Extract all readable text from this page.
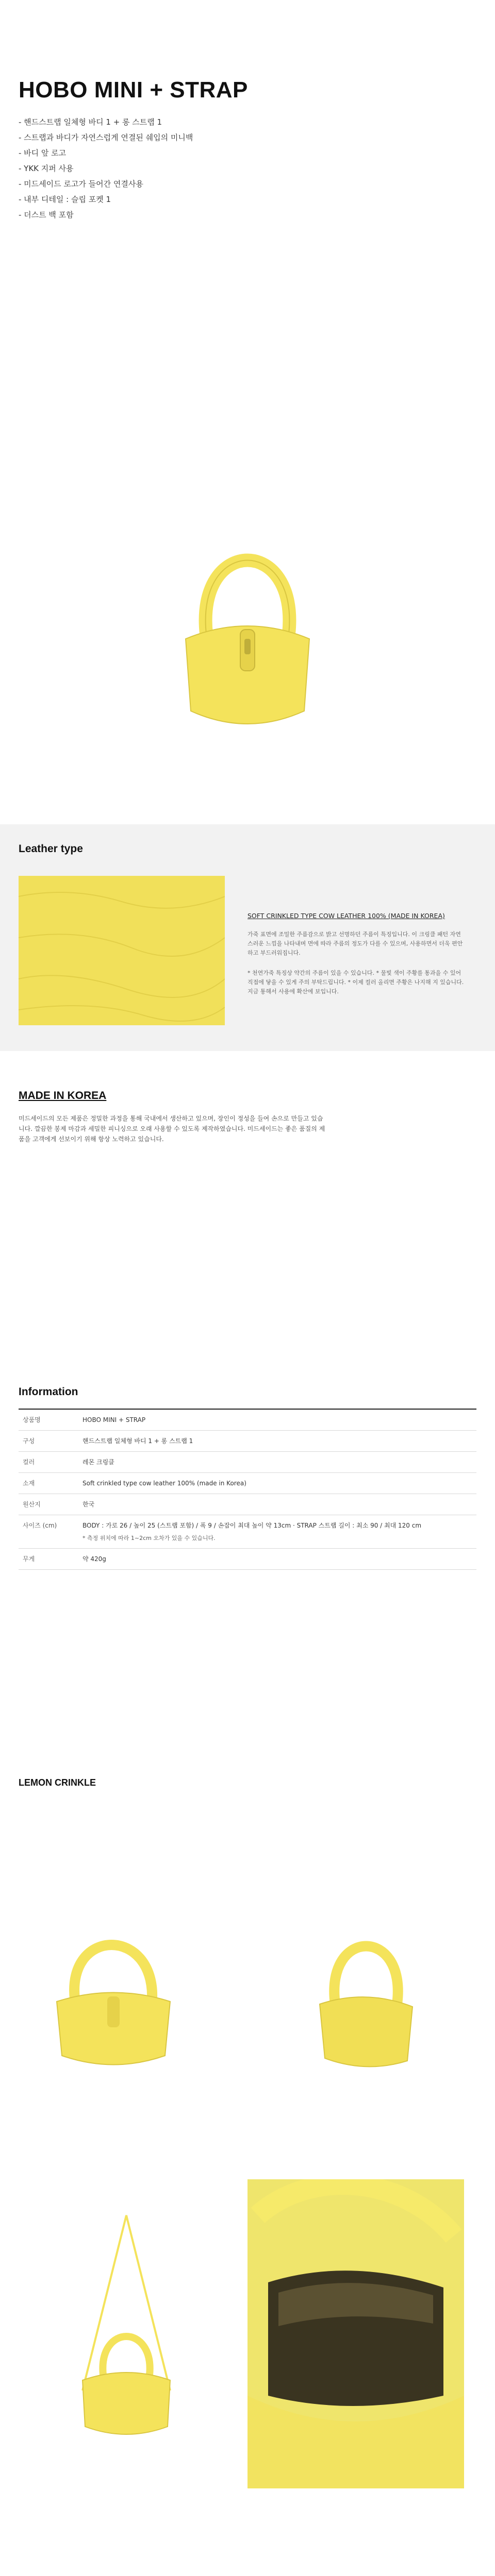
HOBO MINI + STRAP
- 핸드스트랩 일체형 바디 1 + 롱 스트랩 1
- 스트랩과 바디가 자연스럽게 연결된 쉐입의 미니백
- 바디 앞 로고
- YKK 지퍼 사용
- 미드세이드 로고가 들어간 연결사용
- 내부 디테일 : 슬립 포켓 1
- 더스트 백 포함
Leather type
SOFT CRINKLED TYPE COW LEATHER 100% (MADE IN KOREA)
가죽 표면에 조밀한 주름감으로 밝고 선명하던 주름이 특징입니다. 이 크링클 패턴 자연스러운 느낌을 나타내며 면에 따라 주름의 정도가 다를 수 있으며, 사용하면서 더욱 편안하고 부드러워집니다.
* 천연가죽 특징상 약간의 주름이 있을 수 있습니다. * 물빛 색이 주황를 통과을 수 있어 직접에 닿을 수 있게 주의 부탁드립니다. * 이제 컬러 올리면 주황은 나지해 지 있습니다. 지금 통해서 사용에 확산에 보입니다.
MADE IN KOREA
미드세이드의 모든 제품은 정밀한 과정을 통해 국내에서 생산하고 있으며, 장인이 정성을 들여 손으로 만들고 있습니다. 깔끔한 봉제 마감과 세밀한 피니싱으로 오래 사용할 수 있도록 제작하였습니다. 미드세이드는 좋은 품질의 제품을 고객에게 선보이기 위해 항상 노력하고 있습니다.
Information
상품명	HOBO MINI + STRAP
구성	핸드스트랩 일체형 바디 1 + 롱 스트랩 1
컬러	레몬 크링클
소재	Soft crinkled type cow leather 100% (made in Korea)
원산지	한국
사이즈 (cm)	BODY : 가로 26 / 높이 25 (스트랩 포함) / 폭 9 / 손잡이 최대 높이 약 13cm · STRAP 스트랩 길이 : 최소 90 / 최대 120 cm
* 측정 위치에 따라 1~2cm 오차가 있을 수 있습니다.

무게	약 420g
LEMON CRINKLE
